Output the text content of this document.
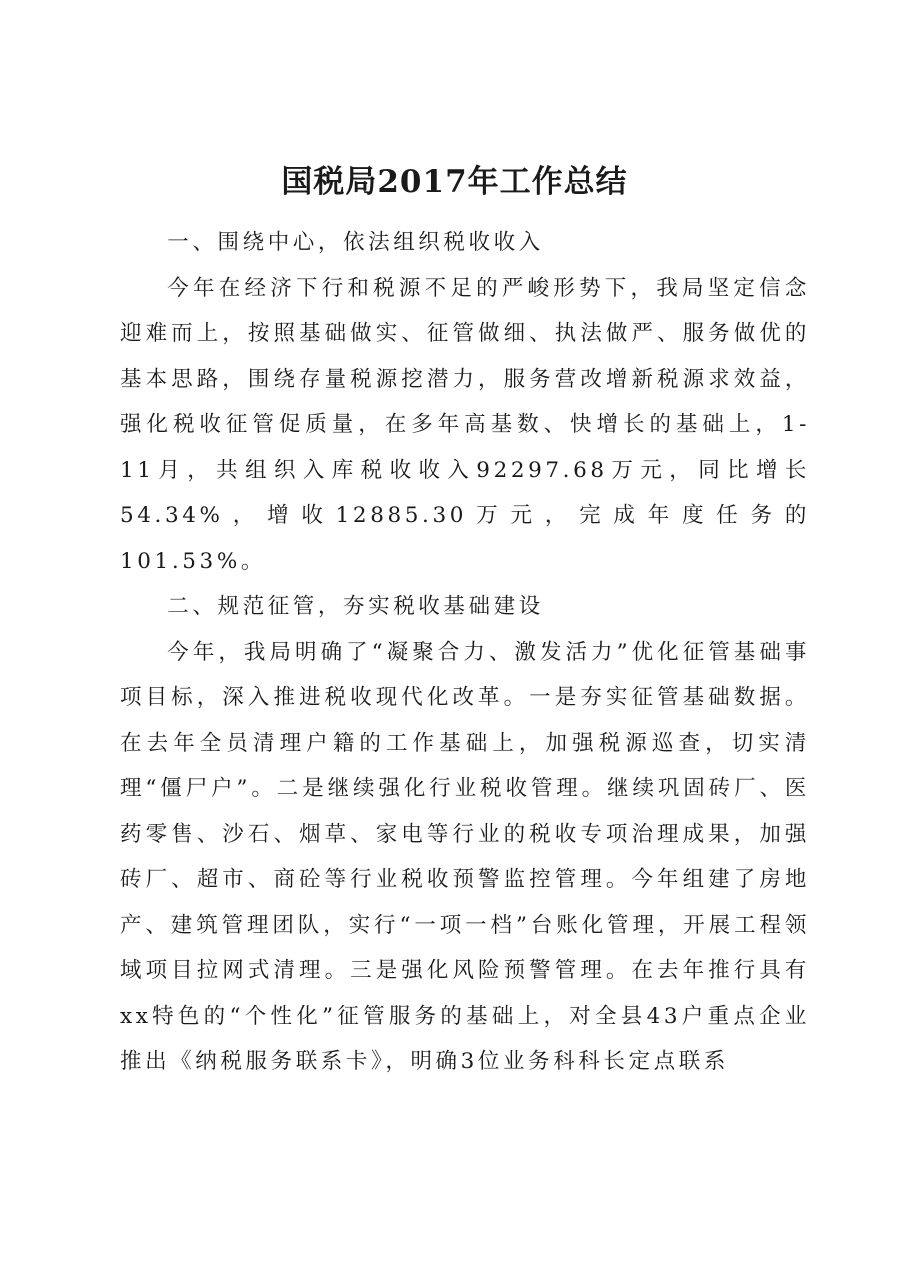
国税局2017年工作总结

一、围绕中心，依法组织税收收入

今年在经济下行和税源不足的严峻形势下，我局坚定信念迎难而上，按照基础做实、征管做细、执法做严、服务做优的基本思路，围绕存量税源挖潜力，服务营改增新税源求效益，强化税收征管促质量，在多年高基数、快增长的基础上，1-11月，共组织入库税收收入92297.68万元，同比增长54.34%，增收12885.30万元，完成年度任务的101.53%。

二、规范征管，夯实税收基础建设

今年，我局明确了“凝聚合力、激发活力”优化征管基础事项目标，深入推进税收现代化改革。一是夯实征管基础数据。在去年全员清理户籍的工作基础上，加强税源巡查，切实清理“僵尸户”。二是继续强化行业税收管理。继续巩固砖厂、医药零售、沙石、烟草、家电等行业的税收专项治理成果，加强砖厂、超市、商砼等行业税收预警监控管理。今年组建了房地产、建筑管理团队，实行“一项一档”台账化管理，开展工程领域项目拉网式清理。三是强化风险预警管理。在去年推行具有xx特色的“个性化”征管服务的基础上，对全县43户重点企业推出《纳税服务联系卡》，明确3位业务科科长定点联系
